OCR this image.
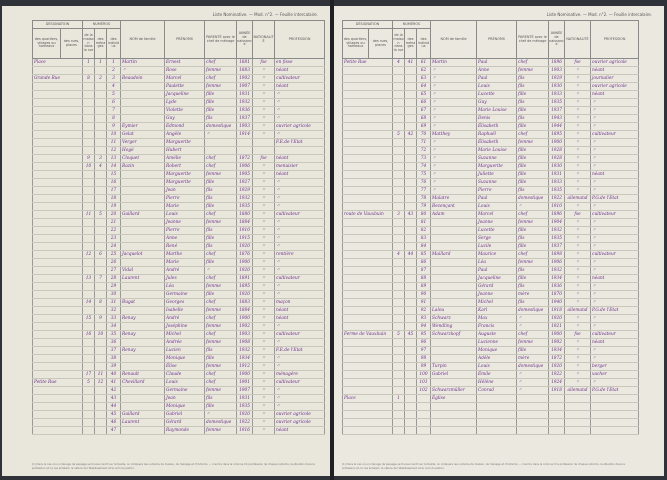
Liste Nominative. — Mod. n°2. — Feuille intercalaire.
DÉSIGNATION		NUMÉROS			NOM de famille	PRÉNOMS	PARENTÉ avec le chef de ménage	ANNÉE de naissance	NATIONALITÉ	PROFESSION
des quartiers, villages ou hameaux	des rues, places	de la maison dans la rue	des ménages	des individus						
Place		1	1	1	Martin	Ernest	chef	1881	fse	en fisse
				2	〃	Rose	femme	1883	〃	néant
Grande Rue		8	2	3	Beaudoin	Marcel	chef	1902	〃	cultivateur
				4		Paulette	femme	1907	〃	néant
				5		Jacqueline	fille	1931	〃	〃
				6		Lyde	fille	1932	〃	〃
				7		Violette	fille	1936	〃	〃
				8		Guy	fils	1937	〃	〃
				9	Eymier	Edmond	domestique	1903	〃	ouvrier agricole
				10	Gelat	Angèle	〃	1914	〃	〃
				11	Verger	Marguerite				F.E.de l'Etat
				12	Hogé	Hubert				
		9	3	13	Cloquet	Amélie	chef	1872	fse	néant
		10	4	14	Bazin	Robert	chef	1906	〃	menuisier
				15		Marguerite	femme	1905	〃	néant
				16		Marguerite	fille	1927	〃	〃
				17		Jean	fils	1929	〃	〃
				18		Pierre	fils	1932	〃	〃
				19		Marie	fille	1935	〃	〃
		11	5	20	Gaillard	Louis	chef	1880	〃	cultivateur
				21		Jeanne	femme	1884	〃	〃
				22		Pierre	fils	1910	〃	〃
				23		Anne	fille	1915	〃	〃
				24		René	fils	1920	〃	〃
		12	6	25	Jacquelot	Marthe	chef	1876	〃	rentière
				26		Marie	fille	1900	〃	〃
				27	Vidal	André	〃	1920	〃	〃
		13	7	28	Laurent	Jules	chef	1891	〃	cultivateur
				29		Léa	femme	1895	〃	〃
				30		Germaine	fille	1920	〃	〃
		14	8	31	Bugat	Georges	chef	1883	〃	maçon
				32		Isabelle	femme	1884	〃	néant
		15	9	33	Renay	André	chef	1900	〃	néant
				34		Joséphine	femme	1902	〃	〃
		16	10	35	Renay	Michel	chef	1903	〃	cultivateur
				36		Andrée	femme	1908	〃	〃
				37	Renay	Lucien	fils	1932	〃	F.E.de l'Etat
				38		Monique	fille	1934	〃	〃
				39		Élise	femme	1912	〃	〃
		17	11	40	Renault	Claude	chef	1900	〃	ménagère
Petite Rue		5	12	41	Chevillard	Louis	chef	1901	〃	cultivateur
				42		Germaine	femme	1907	〃	〃
				43		Jean	fils	1931	〃	〃
				44		Monique	fille	1935	〃	〃
				45	Gaillard	Gabriel	〃	1920	〃	ouvrier agricole
				46	Laurent	Gérard	domestique	1922	〃	ouvrier agricole
				47		Raymonde	femme	1916	〃	néant
(1) Dans le cas où un ménage de passage se trouve inscrit sur la feuille, on indiquera les numéros de maison, de ménage et d'individu. — Inscrire dans la colonne 9 la profession de chaque individu, la situation dans la profession et, le cas échéant, la nature de l'établissement et le nom du patron.
Liste Nominative. — Mod. n°2. — Feuille intercalaire.
DÉSIGNATION		NUMÉROS			NOM de famille	PRÉNOMS	PARENTÉ avec le chef de ménage	ANNÉE de naissance	NATIONALITÉ	PROFESSION
des quartiers, villages ou hameaux	des rues, places	de la maison dans la rue	des ménages	des individus						
Petite Rue		4	41	61	Martin	Paul	chef	1896	fse	ouvrier agricole
				62	〃	Anne	femme	1903	〃	néant
				63	〃	Paul	fils	1929	〃	journalier
				64	〃	Louis	fils	1930	〃	ouvrier agricole
				65	〃	Lucette	fille	1933	〃	néant
				66	〃	Guy	fils	1935	〃	〃
				67	〃	Marie Louise	fille	1937	〃	〃
				68	〃	Denis	fils	1943	〃	〃
				69	〃	Élisabeth	fille	1944	〃	〃
		5	42	70	Matthey	Raphaël	chef	1895	〃	cultivateur
				71	〃	Élisabeth	femme	1900	〃	〃
				72	〃	Marie Louise	fille	1928	〃	〃
				73	〃	Suzanne	fille	1928	〃	〃
				74	〃	Marguerite	fille	1930	〃	〃
				75	〃	Juliette	fille	1931	〃	néant
				76	〃	Suzanne	fille	1933	〃	〃
				77	〃	Pierre	fils	1935	〃	〃
				78	Malatre	Paul	domestique	1922	allemand	P.G.de l'Etat
				79	Bezençant	Louis	〃	1910	〃	〃
route de Vauxbuin		3	43	80	Adam	Marcel	chef	1896	fse	cultivateur
				81		Jeanne	femme	1904	〃	〃
				82		Lucette	fille	1932	〃	〃
				83		Serge	fils	1935	〃	〃
				84		Lucile	fille	1937	〃	〃
		4	44	85	Maillard	Maurice	chef	1898	〃	cultivateur
				86		Léa	femme	1906	〃	〃
				87		Paul	fils	1932	〃	〃
				88		Jacqueline	fille	1934	〃	néant
				89		Gérard	fils	1936	〃	〃
				90		Jeanne	mère	1870	〃	〃
				91		Michel	fils	1940	〃	〃
				92	Lalou	Karl	domestique	1918	allemand	P.G.de l'Etat
				93	Schwarz	Max	〃	1920	〃	〃
				94	Wendling	Francis	〃	1921	〃	〃
Ferme de Vauxbuin		5	45	95	Schwarzkopf	Auguste	chef	1900	fse	cultivateur
				96		Lucienne	femme	1902	〃	néant
				97		Monique	fille	1934	〃	〃
				98		Adèle	mère	1872	〃	〃
				99	Turpin	Louis	domestique	1920	〃	berger
				100	Gabriel	Émile	〃	1922	〃	vacher
				101		Hélène	〃	1924	〃	〃
				102	Schwarzmüller	Conrad	〃	1918	allemand	P.G.de l'Etat
Place		1			Église					

(1) Dans le cas où un ménage de passage se trouve inscrit sur la feuille, on indiquera les numéros de maison, de ménage et d'individu. — Inscrire dans la colonne 9 la profession de chaque individu, la situation dans la profession et, le cas échéant, la nature de l'établissement et le nom du patron.
